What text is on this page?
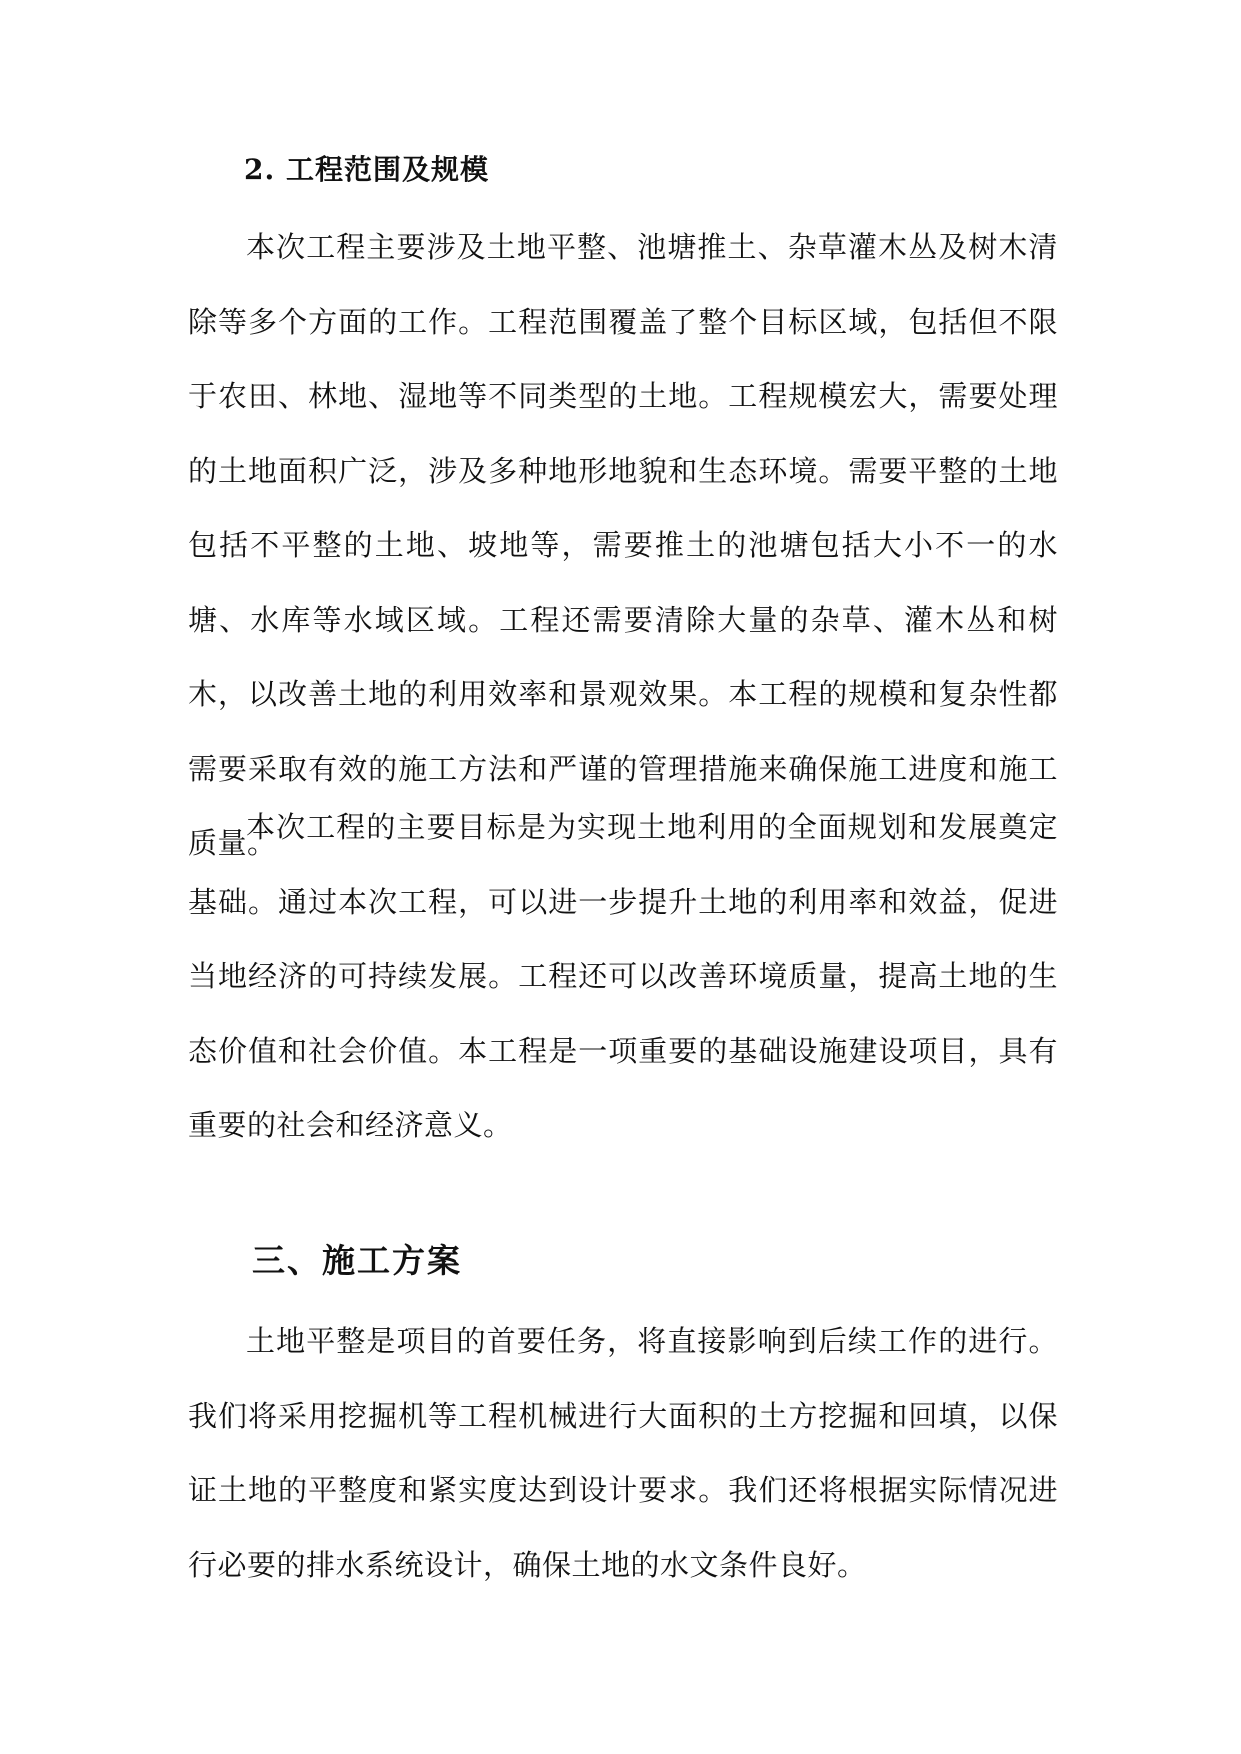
2. 工程范围及规模

本次工程主要涉及土地平整、池塘推土、杂草灌木丛及树木清除等多个方面的工作。工程范围覆盖了整个目标区域，包括但不限于农田、林地、湿地等不同类型的土地。工程规模宏大，需要处理的土地面积广泛，涉及多种地形地貌和生态环境。需要平整的土地包括不平整的土地、坡地等，需要推土的池塘包括大小不一的水塘、水库等水域区域。工程还需要清除大量的杂草、灌木丛和树木，以改善土地的利用效率和景观效果。本工程的规模和复杂性都需要采取有效的施工方法和严谨的管理措施来确保施工进度和施工质量。

本次工程的主要目标是为实现土地利用的全面规划和发展奠定基础。通过本次工程，可以进一步提升土地的利用率和效益，促进当地经济的可持续发展。工程还可以改善环境质量，提高土地的生态价值和社会价值。本工程是一项重要的基础设施建设项目，具有重要的社会和经济意义。

三、施工方案

土地平整是项目的首要任务，将直接影响到后续工作的进行。我们将采用挖掘机等工程机械进行大面积的土方挖掘和回填，以保证土地的平整度和紧实度达到设计要求。我们还将根据实际情况进行必要的排水系统设计，确保土地的水文条件良好。
